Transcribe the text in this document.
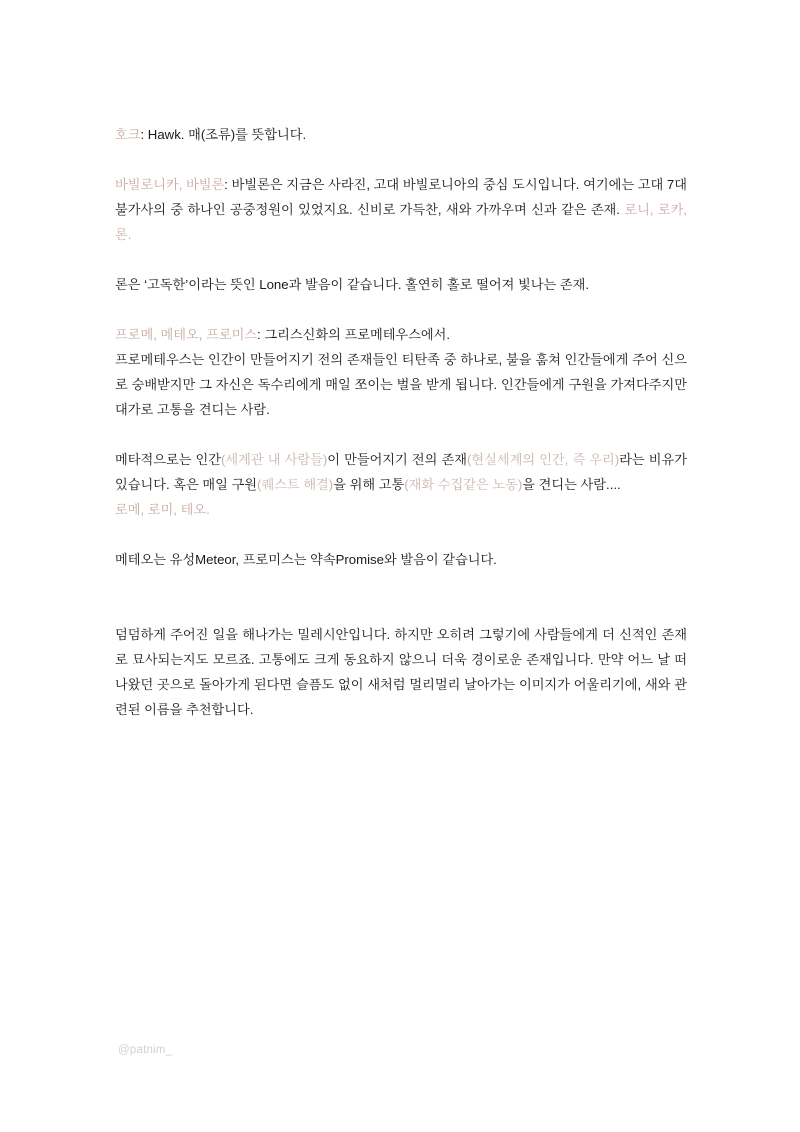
호크: Hawk. 매(조류)를 뜻합니다.

바빌로니카, 바빌론: 바빌론은 지금은 사라진, 고대 바빌로니아의 중심 도시입니다. 여기에는 고대 7대 불가사의 중 하나인 공중정원이 있었지요. 신비로 가득찬, 새와 가까우며 신과 같은 존재. 로니, 로카, 론.

론은 ‘고독한’이라는 뜻인 Lone과 발음이 같습니다. 홀연히 홀로 떨어져 빛나는 존재.

프로메, 메테오, 프로미스: 그리스신화의 프로메테우스에서.

프로메테우스는 인간이 만들어지기 전의 존재들인 티탄족 중 하나로, 불을 훔쳐 인간들에게 주어 신으로 숭배받지만 그 자신은 독수리에게 매일 쪼이는 벌을 받게 됩니다. 인간들에게 구원을 가져다주지만 대가로 고통을 견디는 사람.

메타적으로는 인간(세계관 내 사람들)이 만들어지기 전의 존재(현실세계의 인간, 즉 우리)라는 비유가 있습니다. 혹은 매일 구원(퀘스트 해결)을 위해 고통(재화 수집같은 노동)을 견디는 사람....

로메, 로미, 테오.

메테오는 유성Meteor, 프로미스는 약속Promise와 발음이 같습니다.

덤덤하게 주어진 일을 해나가는 밀레시안입니다. 하지만 오히려 그렇기에 사람들에게 더 신적인 존재로 묘사되는지도 모르죠. 고통에도 크게 동요하지 않으니 더욱 경이로운 존재입니다. 만약 어느 날 떠나왔던 곳으로 돌아가게 된다면 슬픔도 없이 새처럼 멀리멀리 날아가는 이미지가 어울리기에, 새와 관련된 이름을 추천합니다.

@patnim_
